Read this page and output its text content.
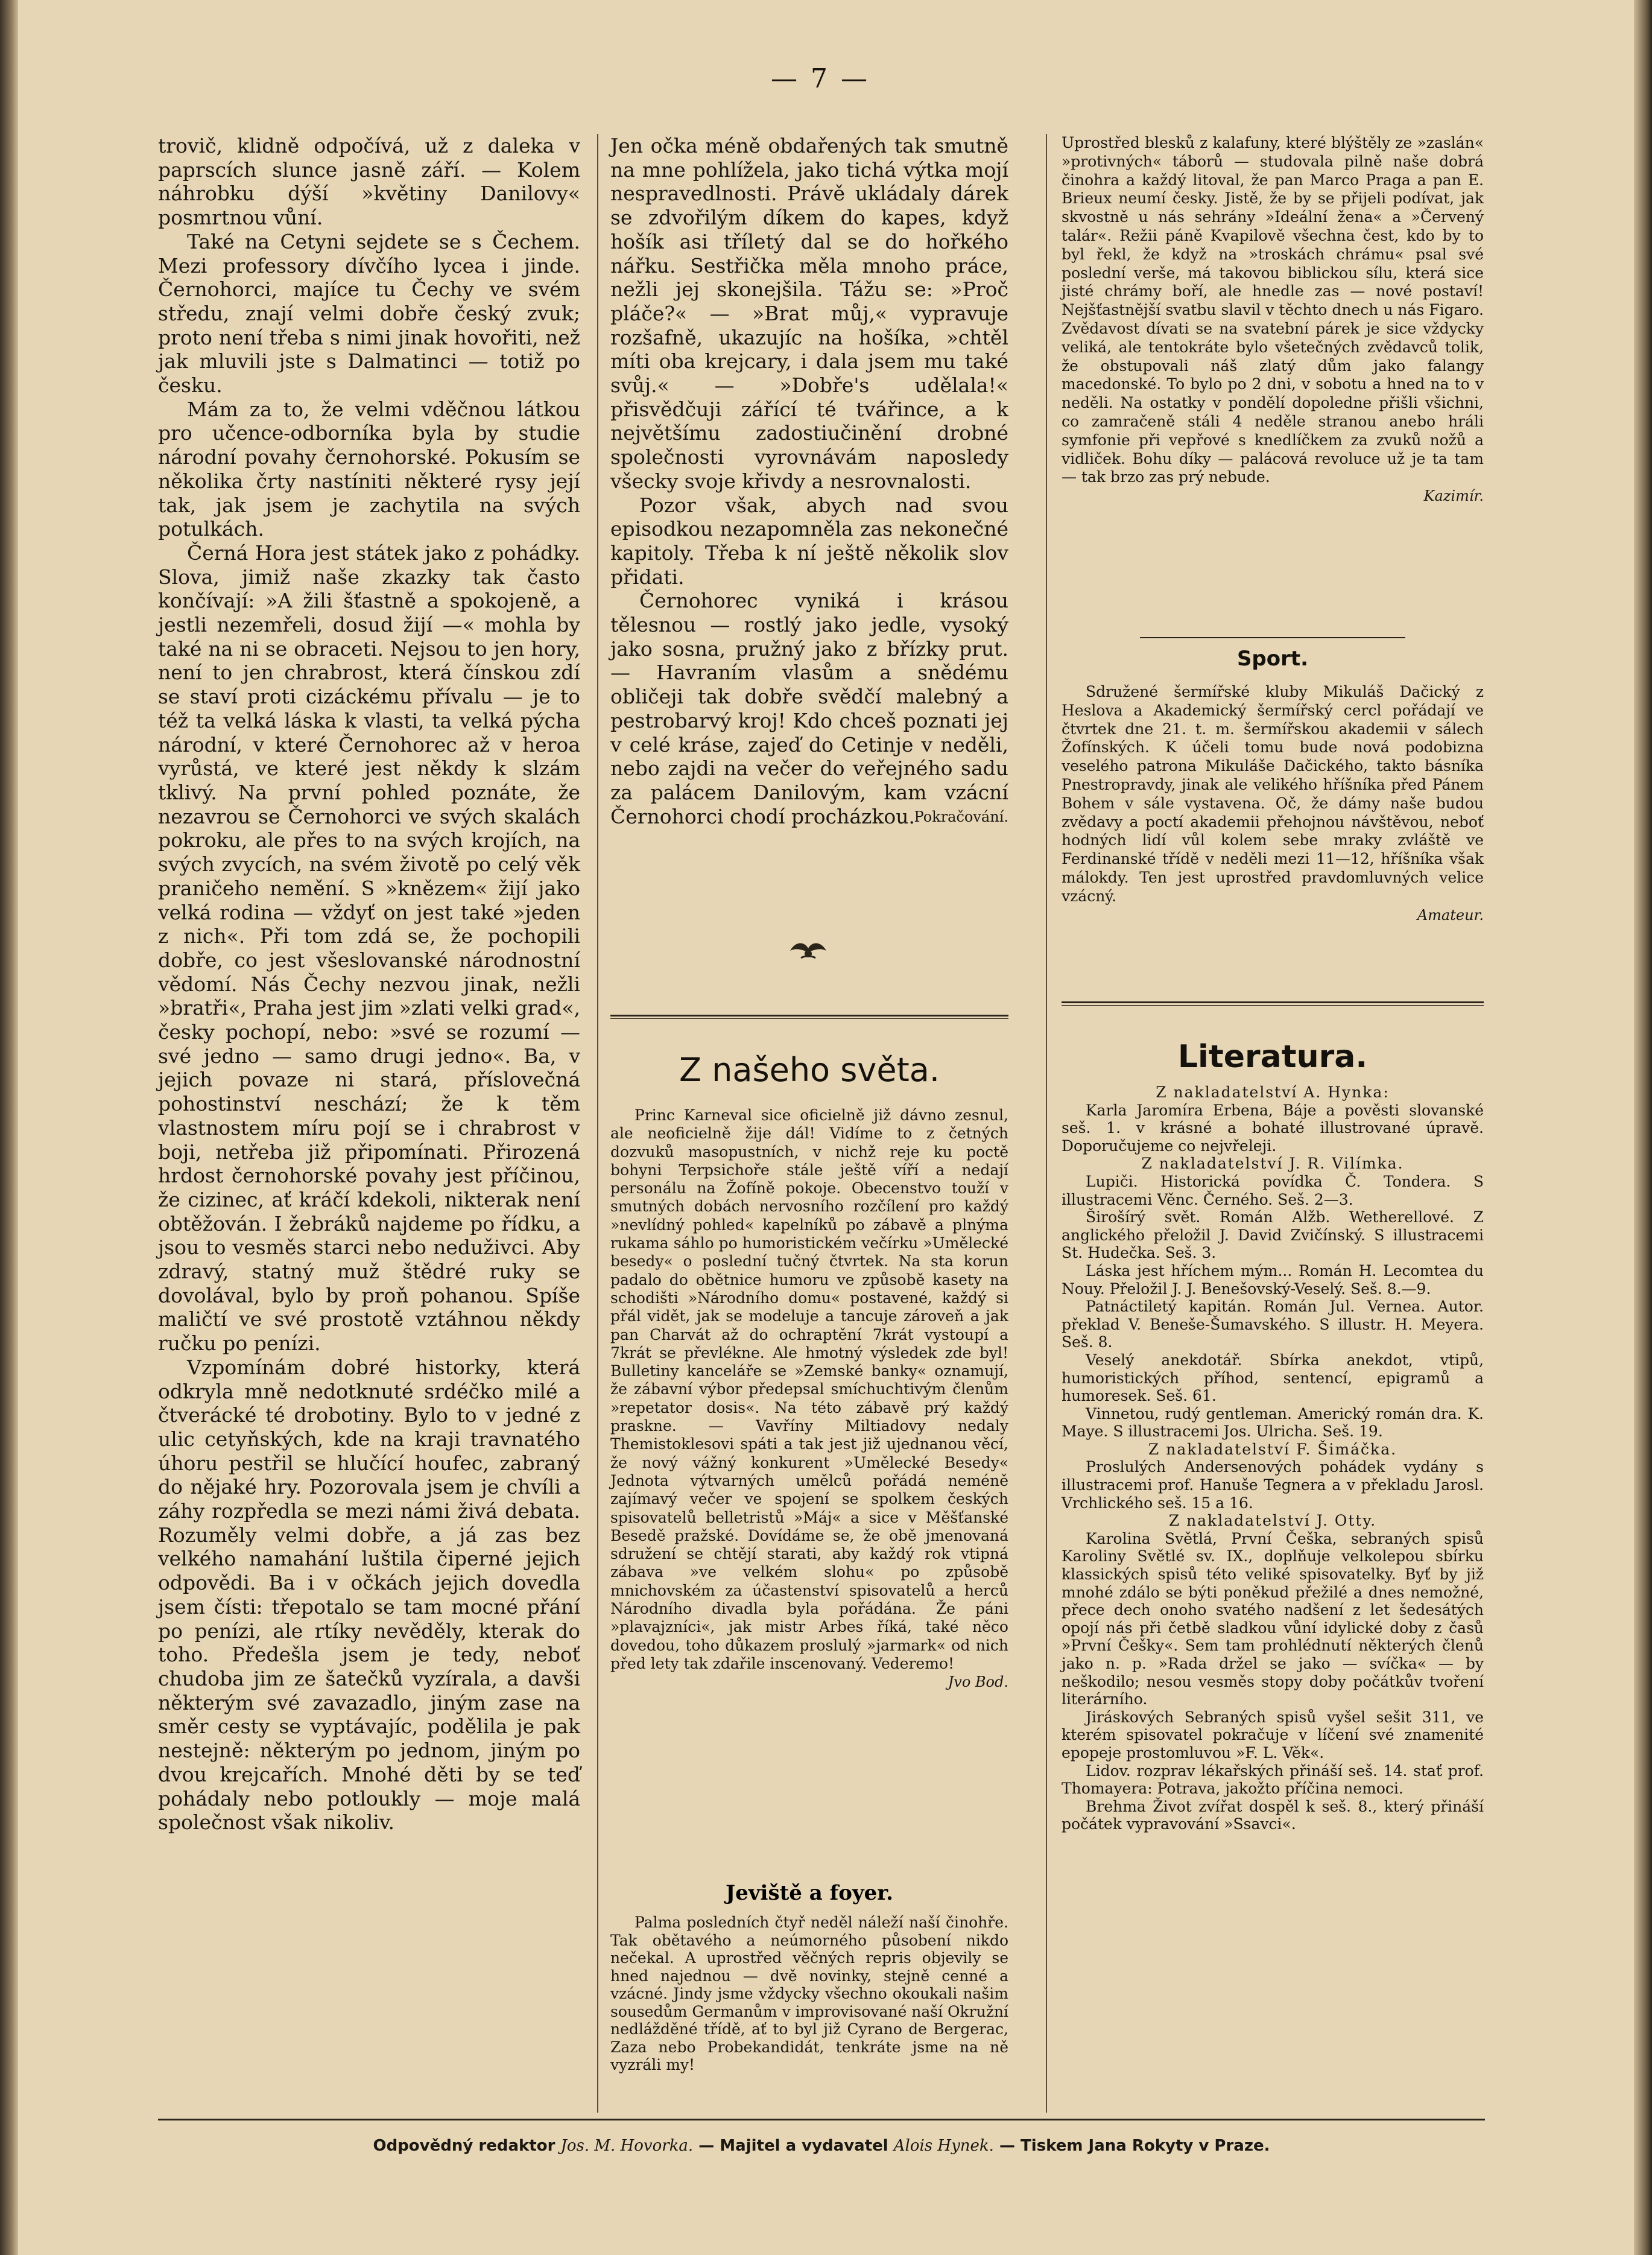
— 7 —

trovič, klidně odpočívá, už z daleka v paprscích slunce jasně září. — Kolem náhrobku dýší »květiny Danilovy« posmrtnou vůní.

Také na Cetyni sejdete se s Čechem. Mezi professory dívčího lycea i jinde. Černohorci, majíce tu Čechy ve svém středu, znají velmi dobře český zvuk; proto není třeba s nimi jinak hovořiti, než jak mluvili jste s Dalmatinci — totiž po česku.

Mám za to, že velmi vděčnou látkou pro učence-odborníka byla by studie národní povahy černohorské. Pokusím se několika črty nastíniti některé rysy její tak, jak jsem je zachytila na svých potulkách.

Černá Hora jest státek jako z pohádky. Slova, jimiž naše zkazky tak často končívají: »A žili šťastně a spokojeně, a jestli nezemřeli, dosud žijí —« mohla by také na ni se obraceti. Nejsou to jen hory, není to jen chrabrost, která čínskou zdí se staví proti cizáckému přívalu — je to též ta velká láska k vlasti, ta velká pýcha národní, v které Černohorec až v heroa vyrůstá, ve které jest někdy k slzám tklivý. Na první pohled poznáte, že nezavrou se Černohorci ve svých skalách pokroku, ale přes to na svých krojích, na svých zvycích, na svém životě po celý věk praničeho nemění. S »knězem« žijí jako velká rodina — vždyť on jest také »jeden z nich«. Při tom zdá se, že pochopili dobře, co jest všeslovanské národnostní vědomí. Nás Čechy nezvou jinak, nežli »bratři«, Praha jest jim »zlati velki grad«, česky pochopí, nebo: »své se rozumí — své jedno — samo drugi jedno«. Ba, v jejich povaze ni stará, příslovečná pohostinství neschází; že k těm vlastnostem míru pojí se i chrabrost v boji, netřeba již připomínati. Přirozená hrdost černohorské povahy jest příčinou, že cizinec, ať kráčí kdekoli, nikterak není obtěžován. I žebráků najdeme po řídku, a jsou to vesměs starci nebo neduživci. Aby zdravý, statný muž štědré ruky se dovolával, bylo by proň pohanou. Spíše maličtí ve své prostotě vztáhnou někdy ručku po penízi.

Vzpomínám dobré historky, která odkryla mně nedotknuté srdéčko milé a čtverácké té drobotiny. Bylo to v jedné z ulic cetyňských, kde na kraji travnatého úhoru pestřil se hlučící houfec, zabraný do nějaké hry. Pozorovala jsem je chvíli a záhy rozpředla se mezi námi živá debata. Rozuměly velmi dobře, a já zas bez velkého namahání luštila čiperné jejich odpovědi. Ba i v očkách jejich dovedla jsem čísti: třepotalo se tam mocné přání po penízi, ale rtíky nevěděly, kterak do toho. Předešla jsem je tedy, neboť chudoba jim ze šatečků vyzírala, a davši některým své zavazadlo, jiným zase na směr cesty se vyptávajíc, podělila je pak nestejně: některým po jednom, jiným po dvou krejcařích. Mnohé děti by se teď pohádaly nebo potloukly — moje malá společnost však nikoliv.

Jen očka méně obdařených tak smutně na mne pohlížela, jako tichá výtka mojí nespravedlnosti. Právě ukládaly dárek se zdvořilým díkem do kapes, když hošík asi tříletý dal se do hořkého nářku. Sestřička měla mnoho práce, nežli jej skonejšila. Tážu se: »Proč pláče?« — »Brat můj,« vypravuje rozšafně, ukazujíc na hošíka, »chtěl míti oba krejcary, i dala jsem mu také svůj.« — »Dobře's udělala!« přisvědčuji zářící té tvářince, a k největšímu zadostiučinění drobné společnosti vyrovnávám naposledy všecky svoje křivdy a nesrovnalosti.

Pozor však, abych nad svou episodkou nezapomněla zas nekonečné kapitoly. Třeba k ní ještě několik slov přidati.

Černohorec vyniká i krásou tělesnou — rostlý jako jedle, vysoký jako sosna, pružný jako z břízky prut. — Havraním vlasům a snědému obličeji tak dobře svědčí malebný a pestrobarvý kroj! Kdo chceš poznati jej v celé kráse, zajeď do Cetinje v neděli, nebo zajdi na večer do veřejného sadu za palácem Danilovým, kam vzácní Černohorci chodí procházkou.

Pokračování.
Z našeho světa.

Princ Karneval sice oficielně již dávno zesnul, ale neoficielně žije dál! Vidíme to z četných dozvuků masopustních, v nichž reje ku poctě bohyni Terpsichoře stále ještě víří a nedají personálu na Žofíně pokoje. Obecenstvo touží v smutných dobách nervosního rozčílení pro každý »nevlídný pohled« kapelníků po zábavě a plnýma rukama sáhlo po humoristickém večírku »Umělecké besedy« o poslední tučný čtvrtek. Na sta korun padalo do obětnice humoru ve způsobě kasety na schodišti »Národního domu« postavené, každý si přál vidět, jak se modeluje a tancuje zároveň a jak pan Charvát až do ochraptění 7krát vystoupí a 7krát se převlékne. Ale hmotný výsledek zde byl! Bulletiny kanceláře se »Zemské banky« oznamují, že zábavní výbor předepsal smíchuchtivým členům »repetator dosis«. Na této zábavě prý každý praskne. — Vavříny Miltiadovy nedaly Themistoklesovi spáti a tak jest již ujednanou věcí, že nový vážný konkurent »Umělecké Besedy« Jednota výtvarných umělců pořádá neméně zajímavý večer ve spojení se spolkem českých spisovatelů belletristů »Máj« a sice v Měšťanské Besedě pražské. Dovídáme se, že obě jmenovaná sdružení se chtějí starati, aby každý rok vtipná zábava »ve velkém slohu« po způsobě mnichovském za účastenství spisovatelů a herců Národního divadla byla pořádána. Že páni »plavajzníci«, jak mistr Arbes říká, také něco dovedou, toho důkazem proslulý »jarmark« od nich před lety tak zdařile inscenovaný. Vederemo!

Jvo Bod.
Jeviště a foyer.

Palma posledních čtyř neděl náleží naší činohře. Tak obětavého a neúmorného působení nikdo nečekal. A uprostřed věčných repris objevily se hned najednou — dvě novinky, stejně cenné a vzácné. Jindy jsme vždycky všechno okoukali našim sousedům Germanům v improvisované naší Okružní nedlážděné třídě, ať to byl již Cyrano de Bergerac, Zaza nebo Probekandidát, tenkráte jsme na ně vyzráli my!

Uprostřed blesků z kalafuny, které blýštěly ze »zaslán« »protivných« táborů — studovala pilně naše dobrá činohra a každý litoval, že pan Marco Praga a pan E. Brieux neumí česky. Jistě, že by se přijeli podívat, jak skvostně u nás sehrány »Ideální žena« a »Červený talár«. Režii páně Kvapilově všechna čest, kdo by to byl řekl, že když na »troskách chrámu« psal své poslední verše, má takovou biblickou sílu, která sice jisté chrámy boří, ale hnedle zas — nové postaví! Nejšťastnější svatbu slavil v těchto dnech u nás Figaro. Zvědavost dívati se na svatební párek je sice vždycky veliká, ale tentokráte bylo všetečných zvědavců tolik, že obstupovali náš zlatý dům jako falangy macedonské. To bylo po 2 dni, v sobotu a hned na to v neděli. Na ostatky v pondělí dopoledne přišli všichni, co zamračeně stáli 4 neděle stranou anebo hráli symfonie při vepřové s knedlíčkem za zvuků nožů a vidliček. Bohu díky — palácová revoluce už je ta tam — tak brzo zas prý nebude.

Kazimír.
Sport.

Sdružené šermířské kluby Mikuláš Dačický z Heslova a Akademický šermířský cercl pořádají ve čtvrtek dne 21. t. m. šermířskou akademii v sálech Žofínských. K účeli tomu bude nová podobizna veselého patrona Mikuláše Dačického, takto básníka Pnestropravdy, jinak ale velikého hříšníka před Pánem Bohem v sále vystavena. Oč, že dámy naše budou zvědavy a poctí akademii přehojnou návštěvou, neboť hodných lidí vůl kolem sebe mraky zvláště ve Ferdinanské třídě v neděli mezi 11—12, hříšníka však málokdy. Ten jest uprostřed pravdomluvných velice vzácný.

Amateur.
Literatura.

Z nakladatelství A. Hynka:

Karla Jaromíra Erbena, Báje a pověsti slovanské seš. 1. v krásné a bohaté illustrované úpravě. Doporučujeme co nejvřeleji.

Z nakladatelství J. R. Vilímka.

Lupiči. Historická povídka Č. Tondera. S illustracemi Věnc. Černého. Seš. 2—3.

Širošírý svět. Román Alžb. Wetherellové. Z anglického přeložil J. David Zvičínský. S illustracemi St. Hudečka. Seš. 3.

Láska jest hříchem mým... Román H. Lecomtea du Nouy. Přeložil J. J. Benešovský-Veselý. Seš. 8.—9.

Patnáctiletý kapitán. Román Jul. Vernea. Autor. překlad V. Beneše-Šumavského. S illustr. H. Meyera. Seš. 8.

Veselý anekdotář. Sbírka anekdot, vtipů, humoristických příhod, sentencí, epigramů a humoresek. Seš. 61.

Vinnetou, rudý gentleman. Americký román dra. K. Maye. S illustracemi Jos. Ulricha. Seš. 19.

Z nakladatelství F. Šimáčka.

Proslulých Andersenových pohádek vydány s illustracemi prof. Hanuše Tegnera a v překladu Jarosl. Vrchlického seš. 15 a 16.

Z nakladatelství J. Otty.

Karolina Světlá, První Češka, sebraných spisů Karoliny Světlé sv. IX., doplňuje velkolepou sbírku klassických spisů této veliké spisovatelky. Byť by již mnohé zdálo se býti poněkud přežilé a dnes nemožné, přece dech onoho svatého nadšení z let šedesátých opojí nás při četbě sladkou vůní idylické doby z časů »První Češky«. Sem tam prohlédnutí některých členů jako n. p. »Rada držel se jako — svíčka« — by neškodilo; nesou vesměs stopy doby počátkův tvoření literárního.

Jiráskových Sebraných spisů vyšel sešit 311, ve kterém spisovatel pokračuje v líčení své znamenité epopeje prostomluvou »F. L. Věk«.

Lidov. rozprav lékařských přináší seš. 14. stať prof. Thomayera: Potrava, jakožto příčina nemoci.

Brehma Život zvířat dospěl k seš. 8., který přináší počátek vypravování »Ssavci«.

Odpovědný redaktor Jos. M. Hovorka. — Majitel a vydavatel Alois Hynek. — Tiskem Jana Rokyty v Praze.
